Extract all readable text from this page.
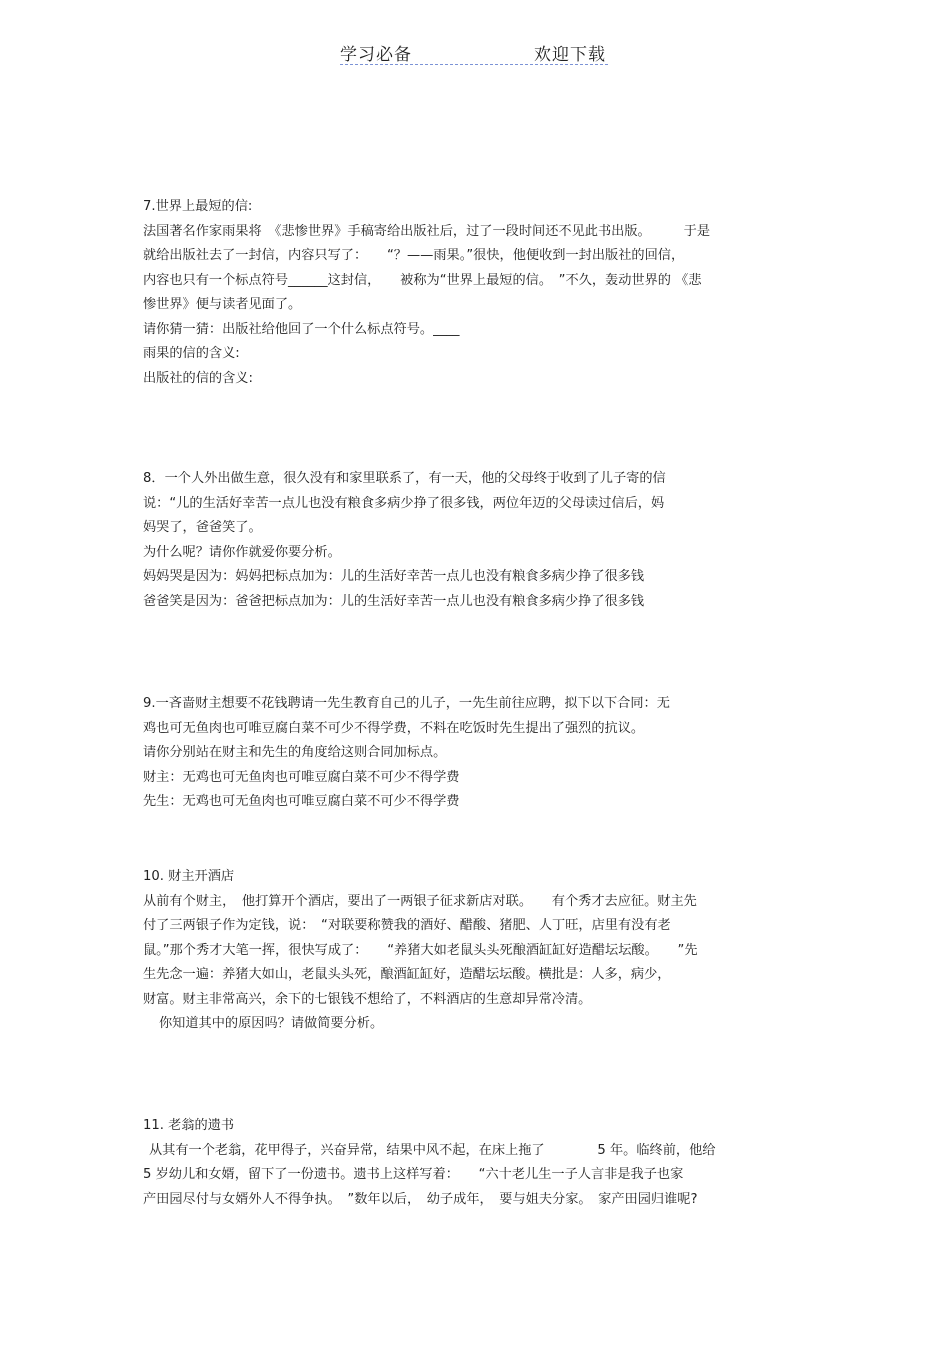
学习必备	欢迎下载
7.世界上最短的信:
法国著名作家雨果将　《悲惨世界》手稿寄给出版社后，过了一段时间还不见此书出版。　　　于是
就给出版社去了一封信，内容只写了：　　“？——雨果。”很快，他便收到一封出版社的回信，
内容也只有一个标点符号______这封信，　　被称为“世界上最短的信。　”不久，轰动世界的 《悲
惨世界》便与读者见面了。
请你猜一猜：出版社给他回了一个什么标点符号。____
雨果的信的含义:
出版社的信的含义:
8．一个人外出做生意，很久没有和家里联系了，有一天，他的父母终于收到了儿子寄的信
说：“儿的生活好幸苦一点儿也没有粮食多病少挣了很多钱，两位年迈的父母读过信后，妈
妈哭了，爸爸笑了。
为什么呢？请你作就爱你要分析。
妈妈哭是因为：妈妈把标点加为：儿的生活好幸苦一点儿也没有粮食多病少挣了很多钱
爸爸笑是因为：爸爸把标点加为：儿的生活好幸苦一点儿也没有粮食多病少挣了很多钱
9.一吝啬财主想要不花钱聘请一先生教育自己的儿子，一先生前往应聘，拟下以下合同：无
鸡也可无鱼肉也可唯豆腐白菜不可少不得学费，不料在吃饭时先生提出了强烈的抗议。
请你分别站在财主和先生的角度给这则合同加标点。
财主：无鸡也可无鱼肉也可唯豆腐白菜不可少不得学费
先生：无鸡也可无鱼肉也可唯豆腐白菜不可少不得学费
10. 财主开酒店
从前有个财主，　他打算开个酒店，要出了一两银子征求新店对联。　　有个秀才去应征。财主先
付了三两银子作为定钱，说：　“对联要称赞我的酒好、醋酸、猪肥、人丁旺，店里有没有老
鼠。”那个秀才大笔一挥，很快写成了：　　“养猪大如老鼠头头死酿酒缸缸好造醋坛坛酸。　　”先
生先念一遍：养猪大如山，老鼠头头死，酿酒缸缸好，造醋坛坛酸。横批是：人多，病少，
财富。财主非常高兴，余下的七银钱不想给了，不料酒店的生意却异常冷清。
你知道其中的原因吗？请做简要分析。
11. 老翁的遗书
从其有一个老翁，花甲得子，兴奋异常，结果中风不起，在床上拖了　　　　5 年。临终前，他给
5 岁幼儿和女婿，留下了一份遗书。遗书上这样写着：　　“六十老儿生一子人言非是我子也家
产田园尽付与女婿外人不得争执。　”数年以后，　幼子成年，　要与姐夫分家。　家产田园归谁呢?
